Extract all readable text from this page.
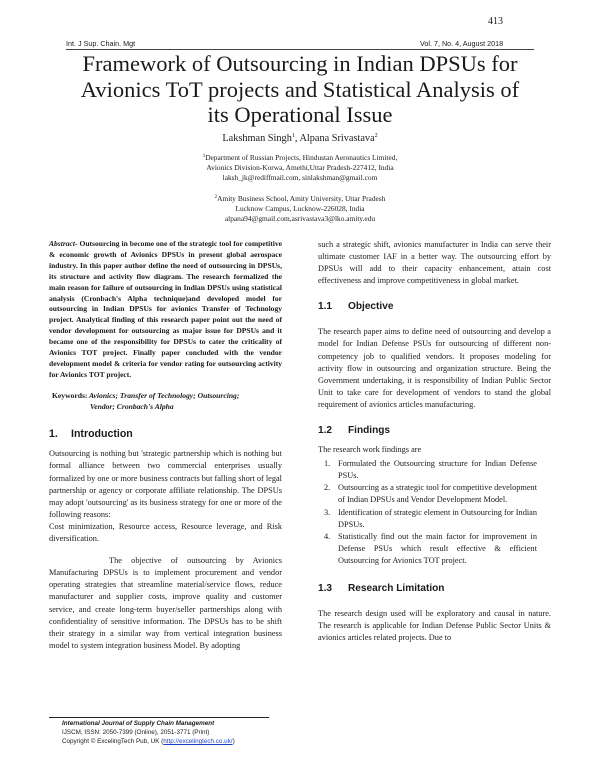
413
Int. J Sup. Chain. Mgt	Vol. 7, No. 4, August 2018
Framework of Outsourcing in Indian DPSUs for
Avionics ToT projects and Statistical Analysis of
its Operational Issue
Lakshman Singh$^1$, Alpana Srivastava$^2$
$^1$Department of Russian Projects, Hindustan Aeronautics Limited,
Avionics Division-Korwa, Amethi,Uttar Pradesh-227412, India
laksh_jk@rediffmail.com, sinlakshman@gmail.com
$^2$Amity Business School, Amity University, Uttar Pradesh
Lucknow Campus, Lucknow-226028, India
alpana94@gmail.com,asrivastava3@lko.amity.edu

Abstract- Outsourcing in become one of the strategic tool for competitive & economic growth of Avionics DPSUs in present global aerospace industry. In this paper author define the need of outsourcing in DPSUs, its structure and activity flow diagram. The research formalized the main reason for failure of outsourcing in Indian DPSUs using statistical analysis (Cronbach's Alpha technique)and developed model for outsourcing in Indian DPSUs for avionics Transfer of Technology project. Analytical finding of this research paper point out the need of vendor development for outsourcing as major issue for DPSUs and it became one of the responsibility for DPSUs to cater the criticality of Avionics TOT project. Finally paper concluded with the vendor development model & criteria for vendor rating for outsourcing activity for Avionics TOT project.

Keywords: Avionics; Transfer of Technology; Outsourcing;
Vendor; Cronbach's Alpha

1. Introduction

Outsourcing is nothing but 'strategic partnership which is nothing but formal alliance between two commercial enterprises usually formalized by one or more business contracts but falling short of legal partnership or agency or corporate affiliate relationship. The DPSUs may adopt 'outsourcing' as its business strategy for one or more of the following reasons:

Cost minimization, Resource access, Resource leverage, and Risk diversification.

The objective of outsourcing by Avionics Manufacturing DPSUs is to implement procurement and vendor operating strategies that streamline material/service flows, reduce manufacturer and supplier costs, improve quality and customer service, and create long-term buyer/seller partnerships along with confidentiality of sensitive information. The DPSUs has to be shift their strategy in a similar way from vertical integration business model to system integration business Model. By adopting

such a strategic shift, avionics manufacturer in India can serve their ultimate customer IAF in a better way. The outsourcing effort by DPSUs will add to their capacity enhancement, attain cost effectiveness and improve competitiveness in global market.

1.1 Objective

The research paper aims to define need of outsourcing and develop a model for Indian Defense PSUs for outsourcing of different non-competency job to qualified vendors. It proposes modeling for activity flow in outsourcing and organization structure. Being the Government undertaking, it is responsibility of Indian Public Sector Unit to take care for development of vendors to stand the global requirement of avionics articles manufacturing.

1.2 Findings

The research work findings are

1. Formulated the Outsourcing structure for Indian Defense PSUs.
2. Outsourcing as a strategic tool for competitive development of Indian DPSUs and Vendor Development Model.
3. Identification of strategic element in Outsourcing for Indian DPSUs.
4. Statistically find out the main factor for improvement in Defense PSUs which result effective & efficient Outsourcing for Avionics TOT project.
1.3 Research Limitation

The research design used will be exploratory and causal in nature. The research is applicable for Indian Defense Public Sector Units & avionics articles related projects. Due to

International Journal of Supply Chain Management
IJSCM, ISSN: 2050-7399 (Online), 2051-3771 (Print)
Copyright © ExcelingTech Pub, UK (http://excelingtech.co.uk/)
